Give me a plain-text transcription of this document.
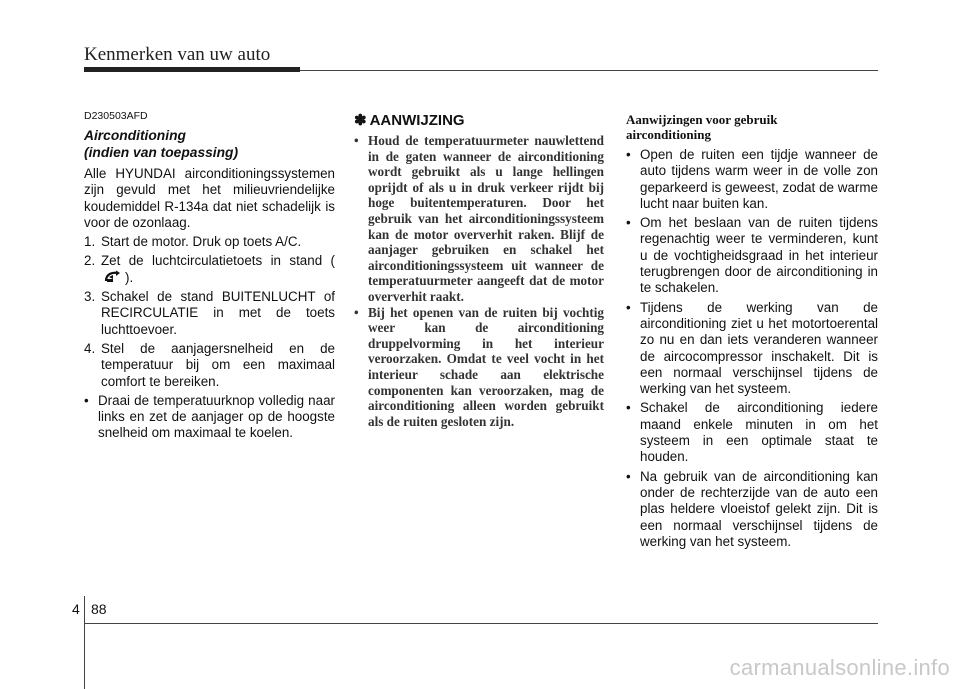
Kenmerken van uw auto
D230503AFD
Airconditioning
(indien van toepassing)

Alle HYUNDAI airconditioningssystemen zijn gevuld met het milieuvriendelijke koudemiddel R-134a dat niet schadelijk is voor de ozonlaag.

1. Start de motor. Druk op toets A/C.
2. Zet de luchtcirculatietoets in stand ().
3. Schakel de stand BUITENLUCHT of RECIRCULATIE in met de toets luchttoevoer.
4. Stel de aanjagersnelheid en de temperatuur bij om een maximaal comfort te bereiken.
• Draai de temperatuurknop volledig naar links en zet de aanjager op de hoogste snelheid om maximaal te koelen.
✽ AANWIJZING
• Houd de temperatuurmeter nauwlettend in de gaten wanneer de airconditioning wordt gebruikt als u lange hellingen oprijdt of als u in druk verkeer rijdt bij hoge buitentemperaturen. Door het gebruik van het airconditioningssysteem kan de motor oververhit raken. Blijf de aanjager gebruiken en schakel het airconditioningssysteem uit wanneer de temperatuurmeter aangeeft dat de motor oververhit raakt.
• Bij het openen van de ruiten bij vochtig weer kan de airconditioning druppelvorming in het interieur veroorzaken. Omdat te veel vocht in het interieur schade aan elektrische componenten kan veroorzaken, mag de airconditioning alleen worden gebruikt als de ruiten gesloten zijn.
Aanwijzingen voor gebruik
airconditioning
• Open de ruiten een tijdje wanneer de auto tijdens warm weer in de volle zon geparkeerd is geweest, zodat de warme lucht naar buiten kan.
• Om het beslaan van de ruiten tijdens regenachtig weer te verminderen, kunt u de vochtigheidsgraad in het interieur terugbrengen door de airconditioning in te schakelen.
• Tijdens de werking van de airconditioning ziet u het motortoerental zo nu en dan iets veranderen wanneer de aircocompressor inschakelt. Dit is een normaal verschijnsel tijdens de werking van het systeem.
• Schakel de airconditioning iedere maand enkele minuten in om het systeem in een optimale staat te houden.
• Na gebruik van de airconditioning kan onder de rechterzijde van de auto een plas heldere vloeistof gelekt zijn. Dit is een normaal verschijnsel tijdens de werking van het systeem.
4 88
carmanualsonline.info
